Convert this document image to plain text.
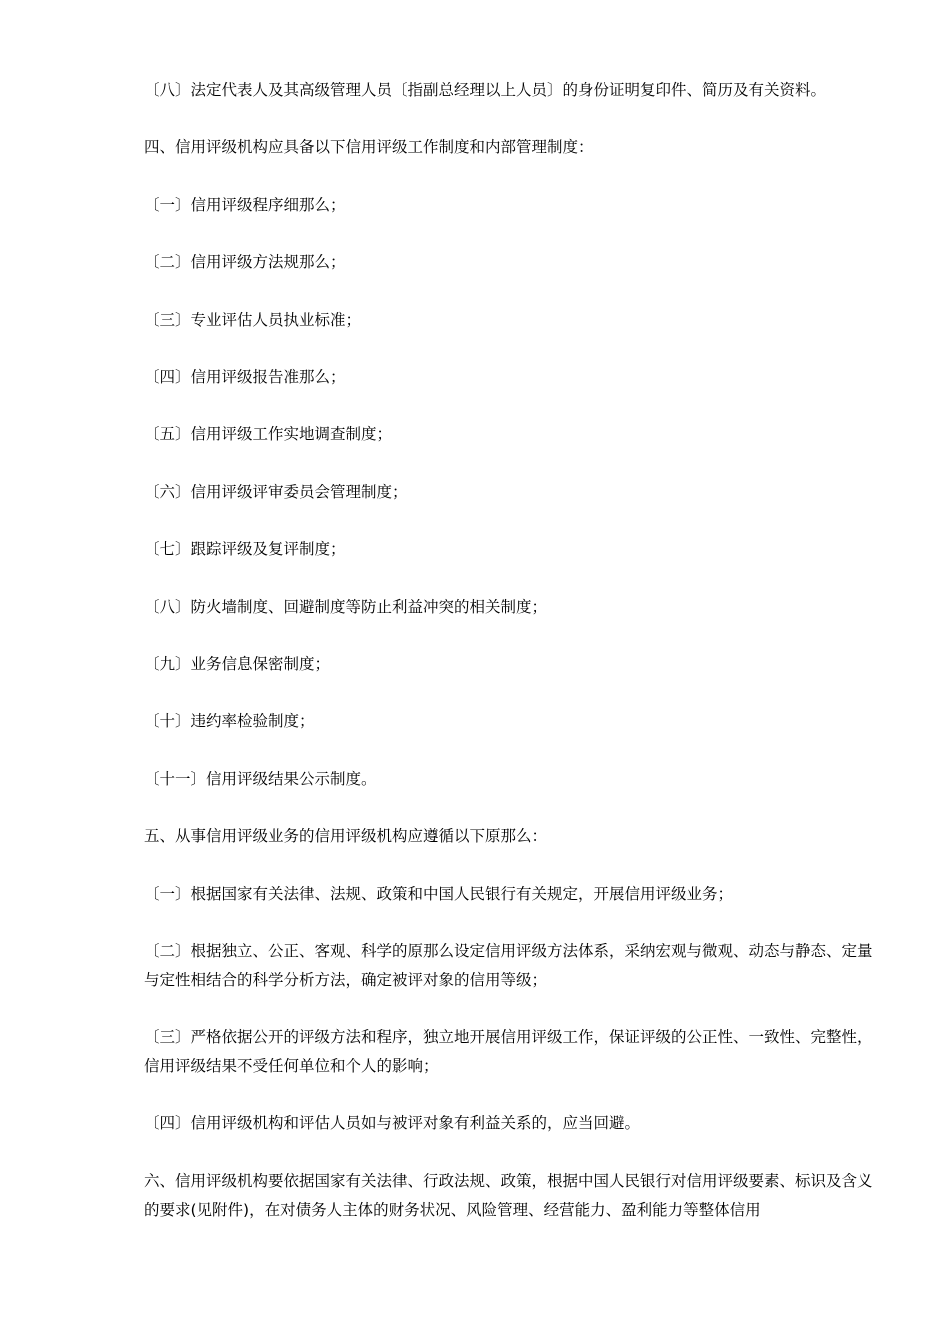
〔八〕法定代表人及其高级管理人员〔指副总经理以上人员〕的身份证明复印件、简历及有关资料。

四、信用评级机构应具备以下信用评级工作制度和内部管理制度：

〔一〕信用评级程序细那么；

〔二〕信用评级方法规那么；

〔三〕专业评估人员执业标准；

〔四〕信用评级报告准那么；

〔五〕信用评级工作实地调查制度；

〔六〕信用评级评审委员会管理制度；

〔七〕跟踪评级及复评制度；

〔八〕防火墙制度、回避制度等防止利益冲突的相关制度；

〔九〕业务信息保密制度；

〔十〕违约率检验制度；

〔十一〕信用评级结果公示制度。

五、从事信用评级业务的信用评级机构应遵循以下原那么：

〔一〕根据国家有关法律、法规、政策和中国人民银行有关规定，开展信用评级业务；

〔二〕根据独立、公正、客观、科学的原那么设定信用评级方法体系，采纳宏观与微观、动态与静态、定量与定性相结合的科学分析方法，确定被评对象的信用等级；

〔三〕严格依据公开的评级方法和程序，独立地开展信用评级工作，保证评级的公正性、一致性、完整性，信用评级结果不受任何单位和个人的影响；

〔四〕信用评级机构和评估人员如与被评对象有利益关系的，应当回避。

六、信用评级机构要依据国家有关法律、行政法规、政策，根据中国人民银行对信用评级要素、标识及含义的要求(见附件)，在对债务人主体的财务状况、风险管理、经营能力、盈利能力等整体信用
